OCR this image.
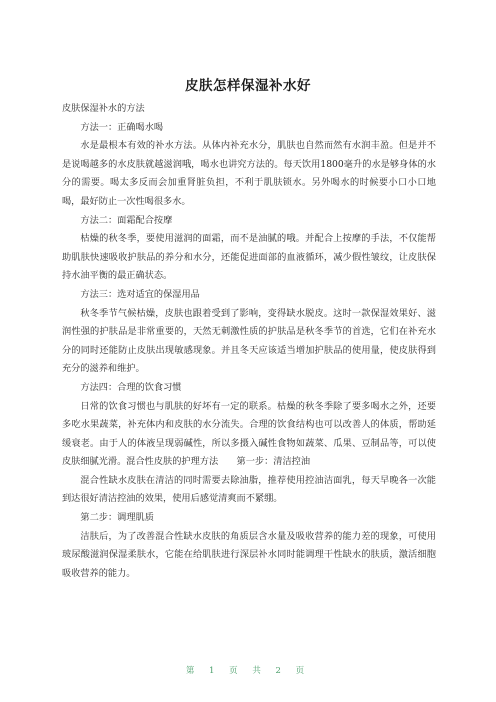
皮肤怎样保湿补水好

皮肤保湿补水的方法

方法一：正确喝水喝

水是最根本有效的补水方法。从体内补充水分，肌肤也自然而然有水润丰盈。但是并不是说喝越多的水皮肤就越滋润哦，喝水也讲究方法的。每天饮用1800毫升的水是够身体的水分的需要。喝太多反而会加重肾脏负担，不利于肌肤锁水。另外喝水的时候要小口小口地喝，最好防止一次性喝很多水。

方法二：面霜配合按摩

枯燥的秋冬季，要使用滋润的面霜，而不是油腻的哦。并配合上按摩的手法，不仅能帮助肌肤快速吸收护肤品的养分和水分，还能促进面部的血液循环，减少假性皱纹，让皮肤保持水油平衡的最正确状态。

方法三：选对适宜的保湿用品

秋冬季节气候枯燥，皮肤也跟着受到了影响，变得缺水脱皮。这时一款保湿效果好、滋润性强的护肤品是非常重要的，天然无刺激性质的护肤品是秋冬季节的首选，它们在补充水分的同时还能防止皮肤出现敏感现象。并且冬天应该适当增加护肤品的使用量，使皮肤得到充分的滋养和维护。

方法四：合理的饮食习惯

日常的饮食习惯也与肌肤的好坏有一定的联系。枯燥的秋冬季除了要多喝水之外，还要多吃水果蔬菜，补充体内和皮肤的水分流失。合理的饮食结构也可以改善人的体质，帮助延缓衰老。由于人的体液呈现弱碱性，所以多摄入碱性食物如蔬菜、瓜果、豆制品等，可以使皮肤细腻光滑。混合性皮肤的护理方法　　第一步：清洁控油

混合性缺水皮肤在清洁的同时需要去除油脂，推荐使用控油洁面乳，每天早晚各一次能到达很好清洁控油的效果，使用后感觉清爽而不紧绷。

第二步：调理肌质

洁肤后，为了改善混合性缺水皮肤的角质层含水量及吸收营养的能力差的现象，可使用玻尿酸滋润保湿柔肤水，它能在给肌肤进行深层补水同时能调理干性缺水的肤质，激活细胞吸收营养的能力。

第 1 页 共 2 页
